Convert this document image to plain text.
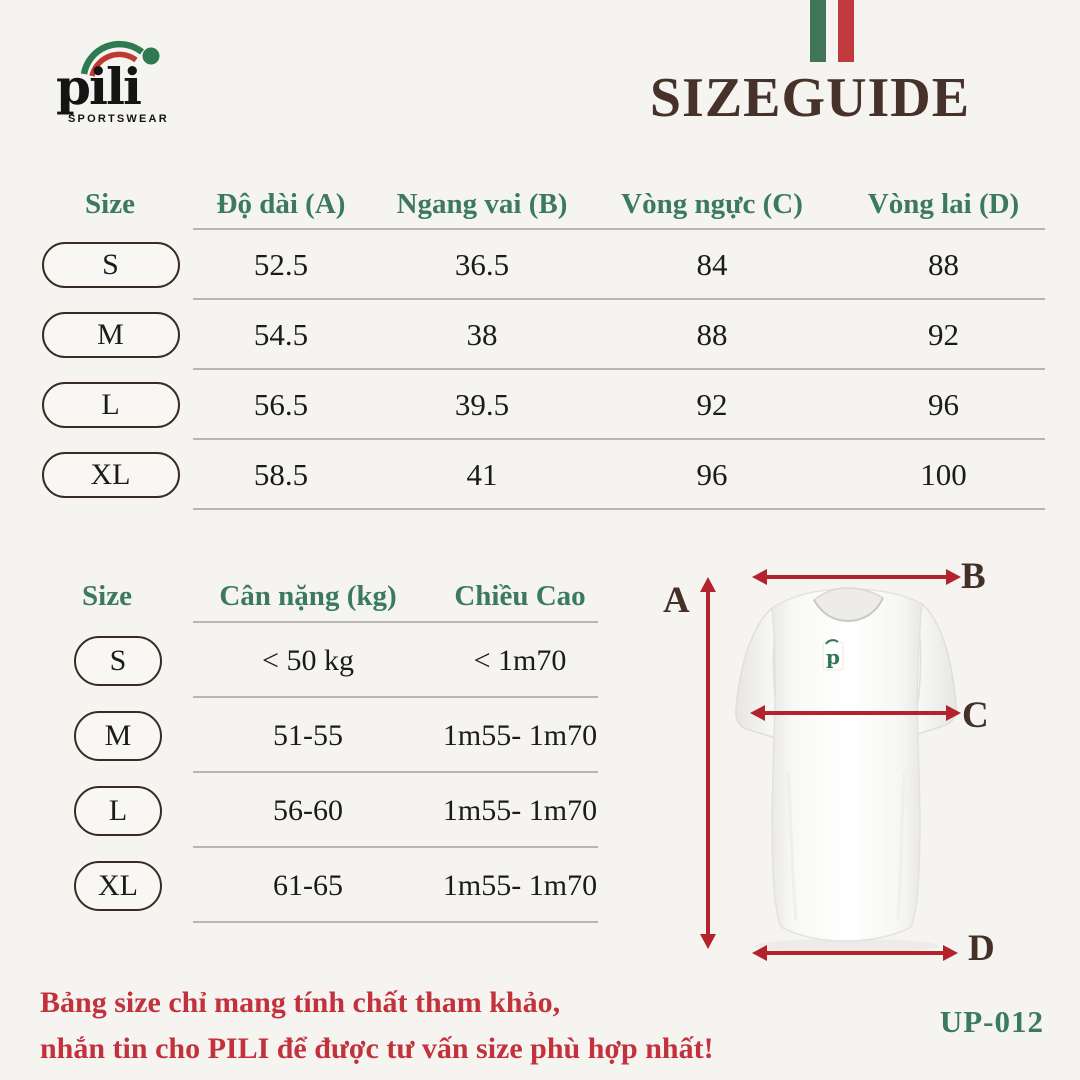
pili
SPORTSWEAR	SIZEGUIDE
Size	Độ dài (A)	Ngang vai (B)	Vòng ngực (C)	Vòng lai (D)
S	52.5	36.5	84	88
M	54.5	38	88	92
L	56.5	39.5	92	96
XL	58.5	41	96	100
Size	Cân nặng (kg)	Chiều Cao
S	< 50 kg	< 1m70
M	51-55	1m55- 1m70
L	56-60	1m55- 1m70
XL	61-65	1m55- 1m70
p
A
B
C
D
Bảng size chỉ mang tính chất tham khảo,
nhắn tin cho PILI để được tư vấn size phù hợp nhất!
UP-012
